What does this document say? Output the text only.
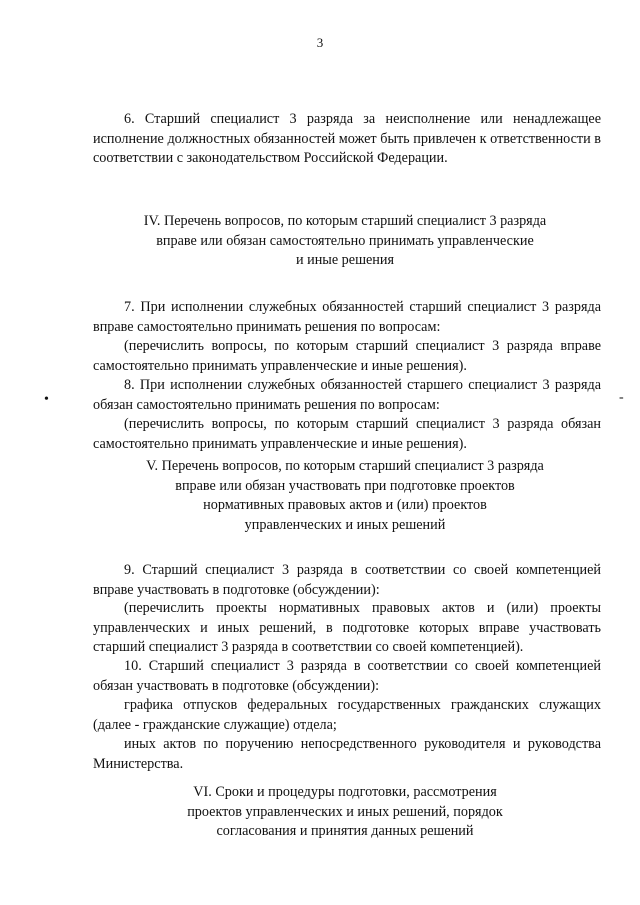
3
6. Старший специалист 3 разряда за неисполнение или ненадлежащее исполнение должностных обязанностей может быть привлечен к ответственности в соответствии с законодательством Российской Федерации.
IV. Перечень вопросов, по которым старший специалист 3 разряда
вправе или обязан самостоятельно принимать управленческие
и иные решения
7. При исполнении служебных обязанностей старший специалист 3 разряда вправе самостоятельно принимать решения по вопросам:
(перечислить вопросы, по которым старший специалист 3 разряда вправе самостоятельно принимать управленческие и иные решения).
8. При исполнении служебных обязанностей старшего специалист 3 разряда обязан самостоятельно принимать решения по вопросам:
(перечислить вопросы, по которым старший специалист 3 разряда обязан самостоятельно принимать управленческие и иные решения).
V. Перечень вопросов, по которым старший специалист 3 разряда
вправе или обязан участвовать при подготовке проектов
нормативных правовых актов и (или) проектов
управленческих и иных решений
9. Старший специалист 3 разряда в соответствии со своей компетенцией вправе участвовать в подготовке (обсуждении):
(перечислить проекты нормативных правовых актов и (или) проекты управленческих и иных решений, в подготовке которых вправе участвовать старший специалист 3 разряда в соответствии со своей компетенцией).
10. Старший специалист 3 разряда в соответствии со своей компетенцией обязан участвовать в подготовке (обсуждении):
графика отпусков федеральных государственных гражданских служащих (далее - гражданские служащие) отдела;
иных актов по поручению непосредственного руководителя и руководства Министерства.
VI. Сроки и процедуры подготовки, рассмотрения
проектов управленческих и иных решений, порядок
согласования и принятия данных решений
•	-
